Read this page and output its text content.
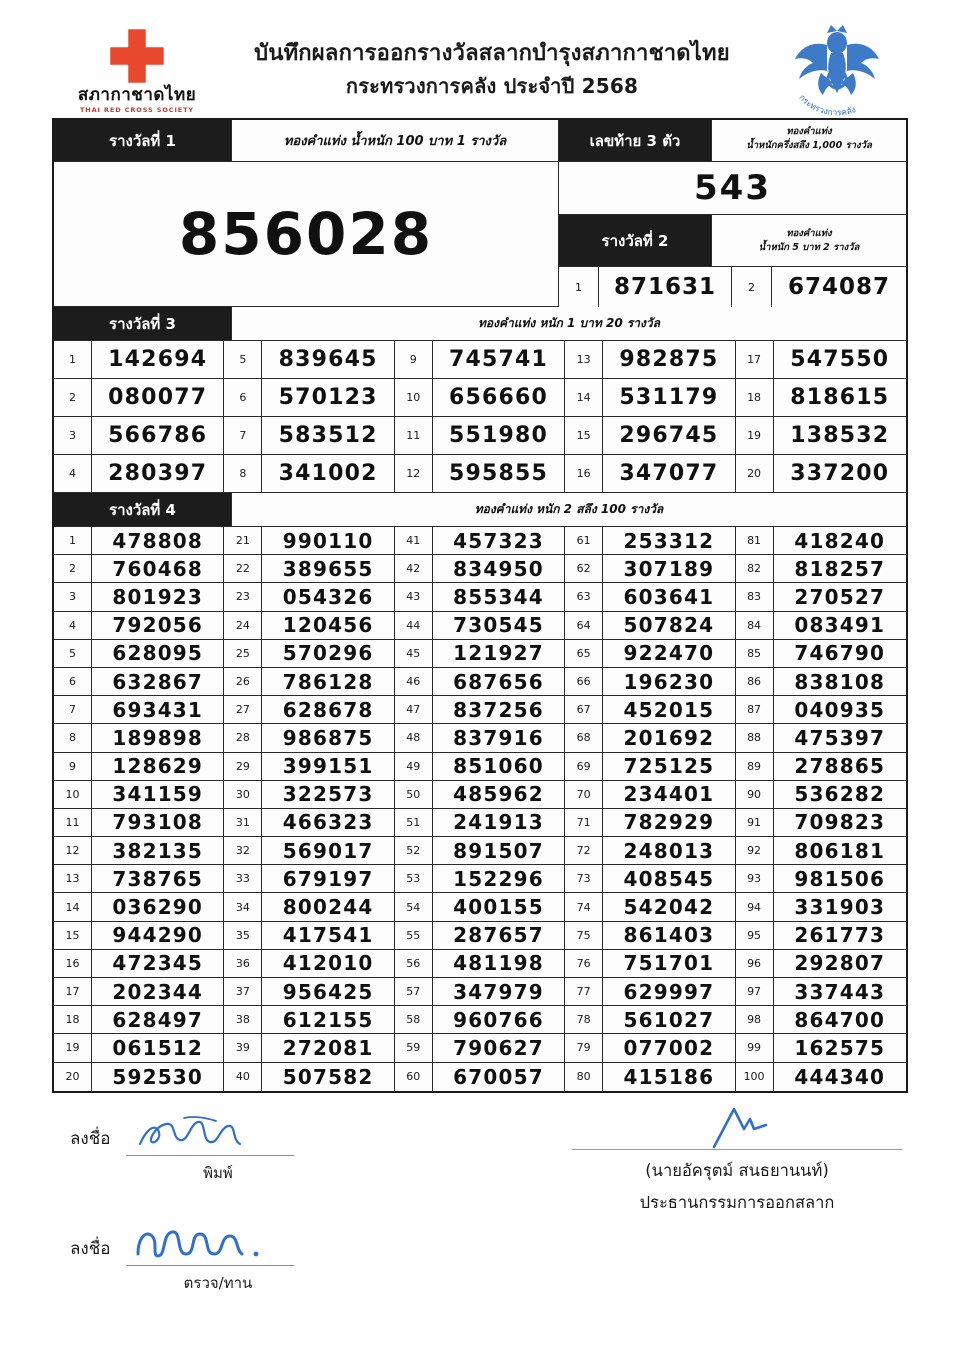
สภากาชาดไทย
THAI RED CROSS SOCIETY
บันทึกผลการออกรางวัลสลากบำรุงสภากาชาดไทย
กระทรวงการคลัง ประจำปี 2568
กระทรวงการคลัง
รางวัลที่ 1	ทองคำแท่ง น้ำหนัก 100 บาท 1 รางวัล	เลขท้าย 3 ตัว	ทองคำแท่ง
น้ำหนักครึ่งสลึง 1,000 รางวัล
856028
543
รางวัลที่ 2	ทองคำแท่ง
น้ำหนัก 5 บาท 2 รางวัล
1	871631	2	674087
รางวัลที่ 3	ทองคำแท่ง หนัก 1 บาท 20 รางวัล
1	142694	5	839645	9	745741	13	982875	17	547550
2	080077	6	570123	10	656660	14	531179	18	818615
3	566786	7	583512	11	551980	15	296745	19	138532
4	280397	8	341002	12	595855	16	347077	20	337200
รางวัลที่ 4	ทองคำแท่ง หนัก 2 สลึง 100 รางวัล
1	478808	21	990110	41	457323	61	253312	81	418240
2	760468	22	389655	42	834950	62	307189	82	818257
3	801923	23	054326	43	855344	63	603641	83	270527
4	792056	24	120456	44	730545	64	507824	84	083491
5	628095	25	570296	45	121927	65	922470	85	746790
6	632867	26	786128	46	687656	66	196230	86	838108
7	693431	27	628678	47	837256	67	452015	87	040935
8	189898	28	986875	48	837916	68	201692	88	475397
9	128629	29	399151	49	851060	69	725125	89	278865
10	341159	30	322573	50	485962	70	234401	90	536282
11	793108	31	466323	51	241913	71	782929	91	709823
12	382135	32	569017	52	891507	72	248013	92	806181
13	738765	33	679197	53	152296	73	408545	93	981506
14	036290	34	800244	54	400155	74	542042	94	331903
15	944290	35	417541	55	287657	75	861403	95	261773
16	472345	36	412010	56	481198	76	751701	96	292807
17	202344	37	956425	57	347979	77	629997	97	337443
18	628497	38	612155	58	960766	78	561027	98	864700
19	061512	39	272081	59	790627	79	077002	99	162575
20	592530	40	507582	60	670057	80	415186	100	444340
ลงชื่อ
พิมพ์
ลงชื่อ
ตรวจ/ทาน
(นายอัครุตม์ สนธยานนท์)
ประธานกรรมการออกสลาก
